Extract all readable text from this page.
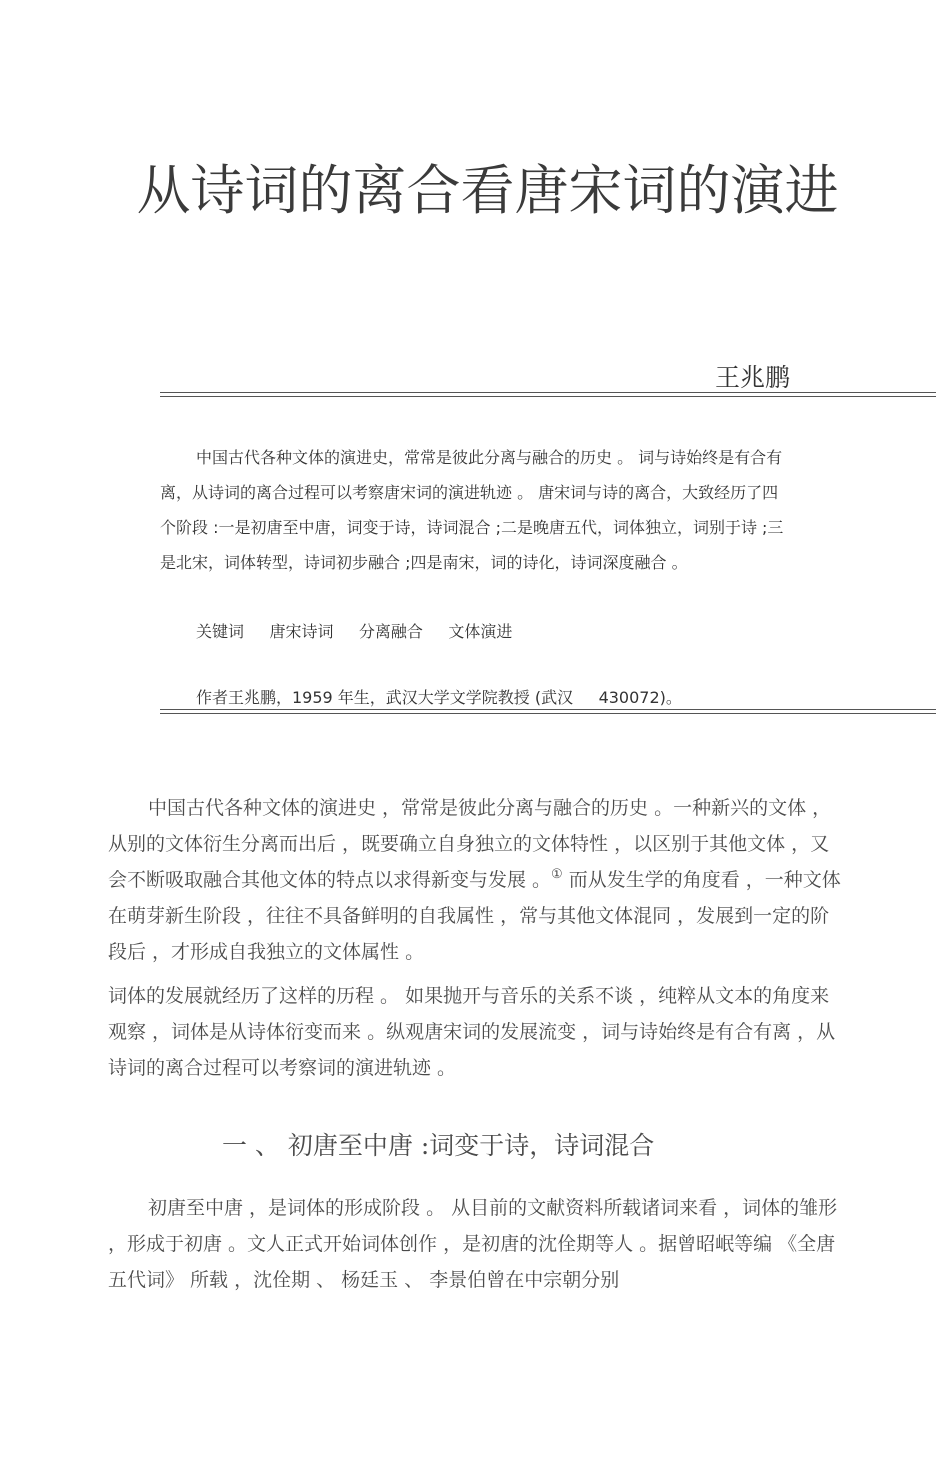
从诗词的离合看唐宋词的演进
王兆鹏

中国古代各种文体的演进史，常常是彼此分离与融合的历史 。 词与诗始终是有合有离，从诗词的离合过程可以考察唐宋词的演进轨迹 。 唐宋词与诗的离合，大致经历了四个阶段 :一是初唐至中唐，词变于诗，诗词混合 ;二是晚唐五代，词体独立，词别于诗 ;三是北宋，词体转型，诗词初步融合 ;四是南宋，词的诗化，诗词深度融合 。

关键词 唐宋诗词 分离融合 文体演进
作者王兆鹏，1959 年生，武汉大学文学院教授 (武汉     430072)。

中国古代各种文体的演进史 ，常常是彼此分离与融合的历史 。一种新兴的文体 ，从别的文体衍生分离而出后 ，既要确立自身独立的文体特性 ，以区别于其他文体 ，又会不断吸取融合其他文体的特点以求得新变与发展 。① 而从发生学的角度看 ，一种文体在萌芽新生阶段 ，往往不具备鲜明的自我属性 ，常与其他文体混同 ，发展到一定的阶段后 ，才形成自我独立的文体属性 。

词体的发展就经历了这样的历程 。 如果抛开与音乐的关系不谈 ，纯粹从文本的角度来观察 ，词体是从诗体衍变而来 。纵观唐宋词的发展流变 ，词与诗始终是有合有离 ，从诗词的离合过程可以考察词的演进轨迹 。

一 、 初唐至中唐 :词变于诗，诗词混合

初唐至中唐 ，是词体的形成阶段 。 从目前的文献资料所载诸词来看 ，词体的雏形 ，形成于初唐 。文人正式开始词体创作 ，是初唐的沈佺期等人 。据曾昭岷等编 《全唐五代词》 所载 ，沈佺期 、 杨廷玉 、 李景伯曾在中宗朝分别
